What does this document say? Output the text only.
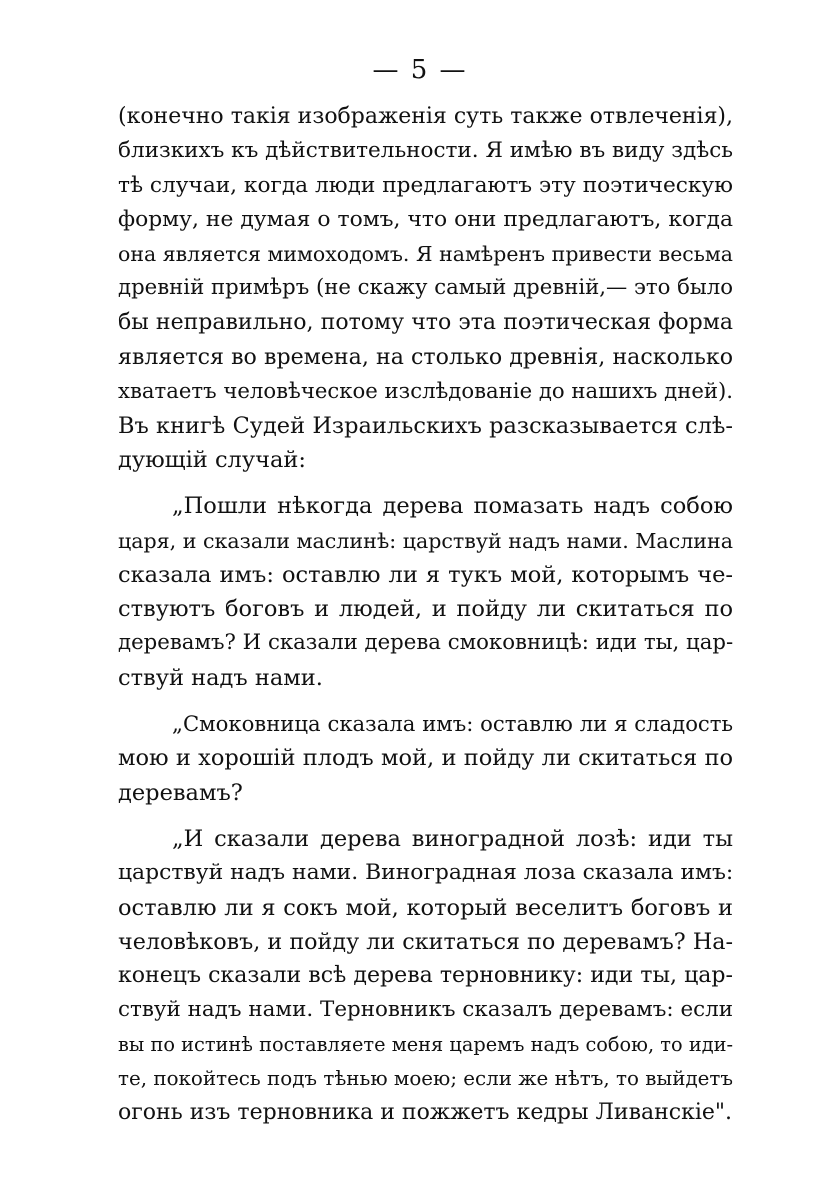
— 5 —

(конечно такія изображенія суть также отвлеченія),
близкихъ къ дѣйствительности. Я имѣю въ виду здѣсь
тѣ случаи, когда люди предлагаютъ эту поэтическую
форму, не думая о томъ, что они предлагаютъ, когда
она является мимоходомъ. Я намѣренъ привести весьма
древній примѣръ (не скажу самый древній,— это было
бы неправильно, потому что эта поэтическая форма
является во времена, на столько древнія, насколько
хватаетъ человѣческое изслѣдованіе до нашихъ дней).
Въ книгѣ Судей Израильскихъ разсказывается слѣ-
дующій случай:

„Пошли нѣкогда дерева помазать надъ собою
царя, и сказали маслинѣ: царствуй надъ нами. Маслина
сказала имъ: оставлю ли я тукъ мой, которымъ че-
ствуютъ боговъ и людей, и пойду ли скитаться по
деревамъ? И сказали дерева смоковницѣ: иди ты, цар-
ствуй надъ нами.

„Смоковница сказала имъ: оставлю ли я сладость
мою и хорошій плодъ мой, и пойду ли скитаться по
деревамъ?

„И сказали дерева виноградной лозѣ: иди ты
царствуй надъ нами. Виноградная лоза сказала имъ:
оставлю ли я сокъ мой, который веселитъ боговъ и
человѣковъ, и пойду ли скитаться по деревамъ? На-
конецъ сказали всѣ дерева терновнику: иди ты, цар-
ствуй надъ нами. Терновникъ сказалъ деревамъ: если
вы по истинѣ поставляете меня царемъ надъ собою, то иди-
те, покойтесь подъ тѣнью моею; если же нѣтъ, то выйдетъ
огонь изъ терновника и пожжетъ кедры Ливанскіе".
